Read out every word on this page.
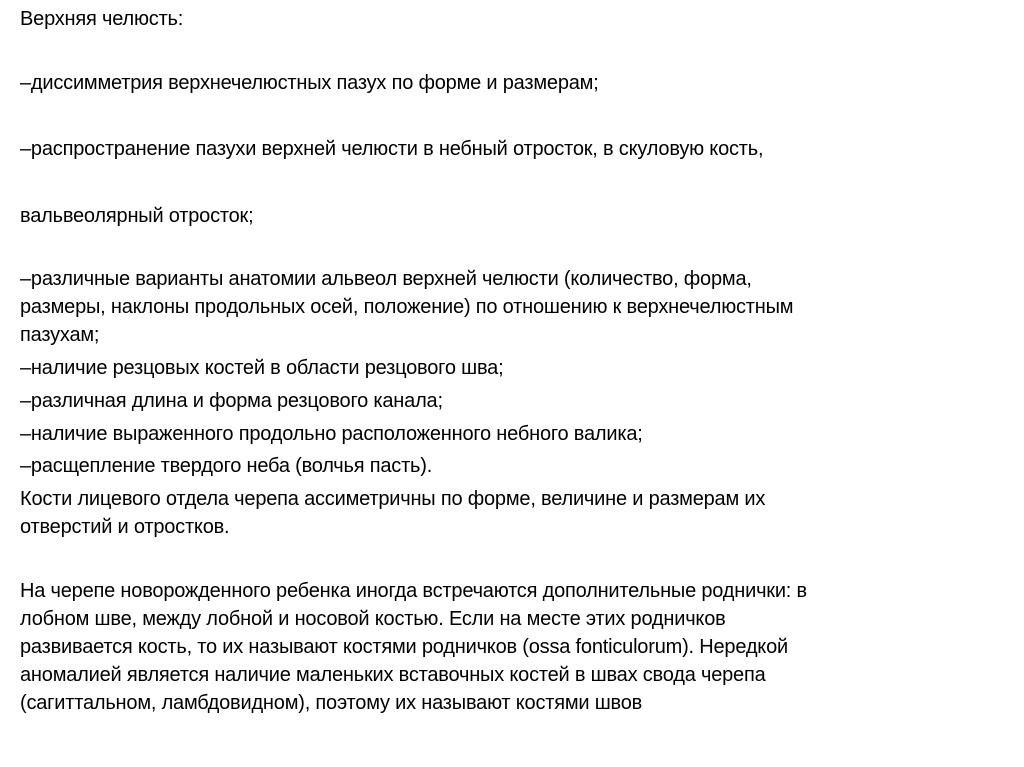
Верхняя челюсть:

–диссимметрия верхнечелюстных пазух по форме и размерам;

–распространение пазухи верхней челюсти в небный отросток, в скуловую кость,

вальвеолярный отросток;

–различные варианты анатомии альвеол верхней челюсти (количество, форма,

размеры, наклоны продольных осей, положение) по отношению к верхнечелюстным

пазухам;

–наличие резцовых костей в области резцового шва;

–различная длина и форма резцового канала;

–наличие выраженного продольно расположенного небного валика;

–расщепление твердого неба (волчья пасть).

Кости лицевого отдела черепа ассиметричны по форме, величине и размерам их

отверстий и отростков.

На черепе новорожденного ребенка иногда встречаются дополнительные роднички: в

лобном шве, между лобной и носовой костью. Если на месте этих родничков

развивается кость, то их называют костями родничков (ossa fonticulorum). Нередкой

аномалией является наличие маленьких вставочных костей в швах свода черепа

(сагиттальном, ламбдовидном), поэтому их называют костями швов
